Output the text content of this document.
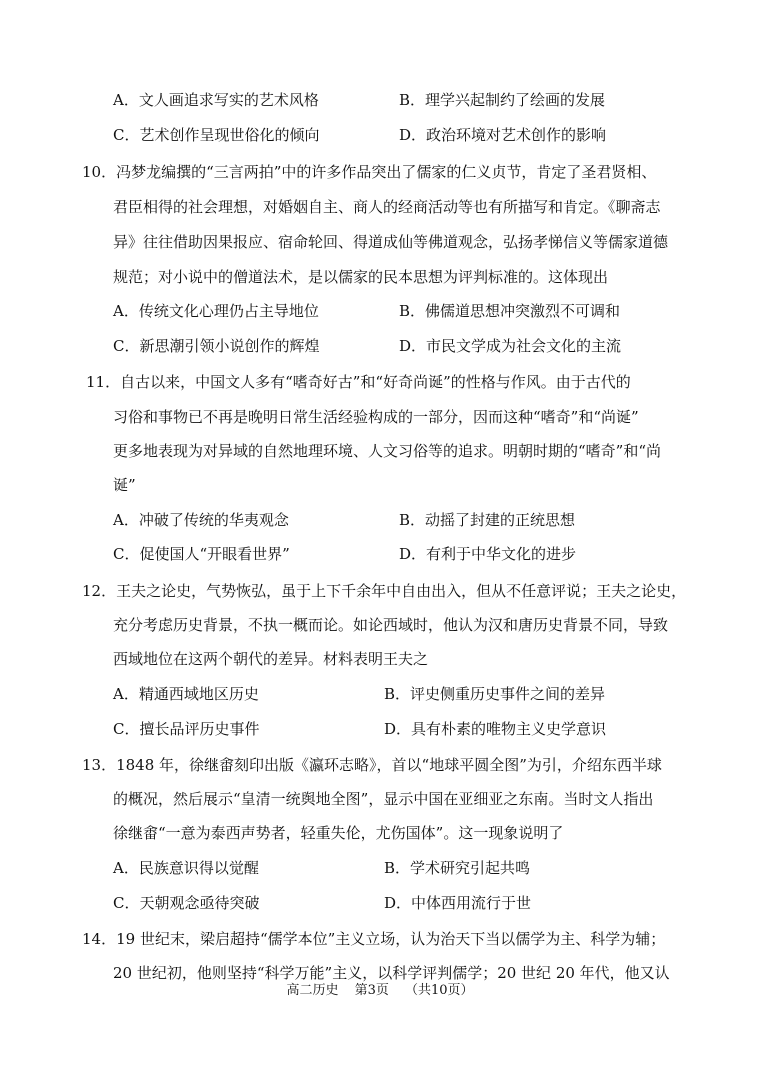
A．文人画追求写实的艺术风格	B．理学兴起制约了绘画的发展
C．艺术创作呈现世俗化的倾向	D．政治环境对艺术创作的影响
10．冯梦龙编撰的“三言两拍”中的许多作品突出了儒家的仁义贞节，肯定了圣君贤相、
君臣相得的社会理想，对婚姻自主、商人的经商活动等也有所描写和肯定。《聊斋志
异》往往借助因果报应、宿命轮回、得道成仙等佛道观念，弘扬孝悌信义等儒家道德
规范；对小说中的僧道法术，是以儒家的民本思想为评判标准的。这体现出
A．传统文化心理仍占主导地位	B．佛儒道思想冲突激烈不可调和
C．新思潮引领小说创作的辉煌	D．市民文学成为社会文化的主流
11．自古以来，中国文人多有“嗜奇好古”和“好奇尚诞”的性格与作风。由于古代的
习俗和事物已不再是晚明日常生活经验构成的一部分，因而这种“嗜奇”和“尚诞”
更多地表现为对异域的自然地理环境、人文习俗等的追求。明朝时期的“嗜奇”和“尚
诞”
A．冲破了传统的华夷观念	B．动摇了封建的正统思想
C．促使国人“开眼看世界”	D．有利于中华文化的进步
12．王夫之论史，气势恢弘，虽于上下千余年中自由出入，但从不任意评说；王夫之论史，
充分考虑历史背景，不执一概而论。如论西域时，他认为汉和唐历史背景不同，导致
西域地位在这两个朝代的差异。材料表明王夫之
A．精通西域地区历史	B．评史侧重历史事件之间的差异
C．擅长品评历史事件	D．具有朴素的唯物主义史学意识
13．1848 年，徐继畬刻印出版《瀛环志略》，首以“地球平圆全图”为引，介绍东西半球
的概况，然后展示“皇清一统舆地全图”，显示中国在亚细亚之东南。当时文人指出
徐继畬“一意为泰西声势者，轻重失伦，尤伤国体”。这一现象说明了
A．民族意识得以觉醒	B．学术研究引起共鸣
C．天朝观念亟待突破	D．中体西用流行于世
14．19 世纪末，梁启超持“儒学本位”主义立场，认为治天下当以儒学为主、科学为辅；
20 世纪初，他则坚持“科学万能”主义，以科学评判儒学；20 世纪 20 年代，他又认
高二历史 第3页 （共10页）
